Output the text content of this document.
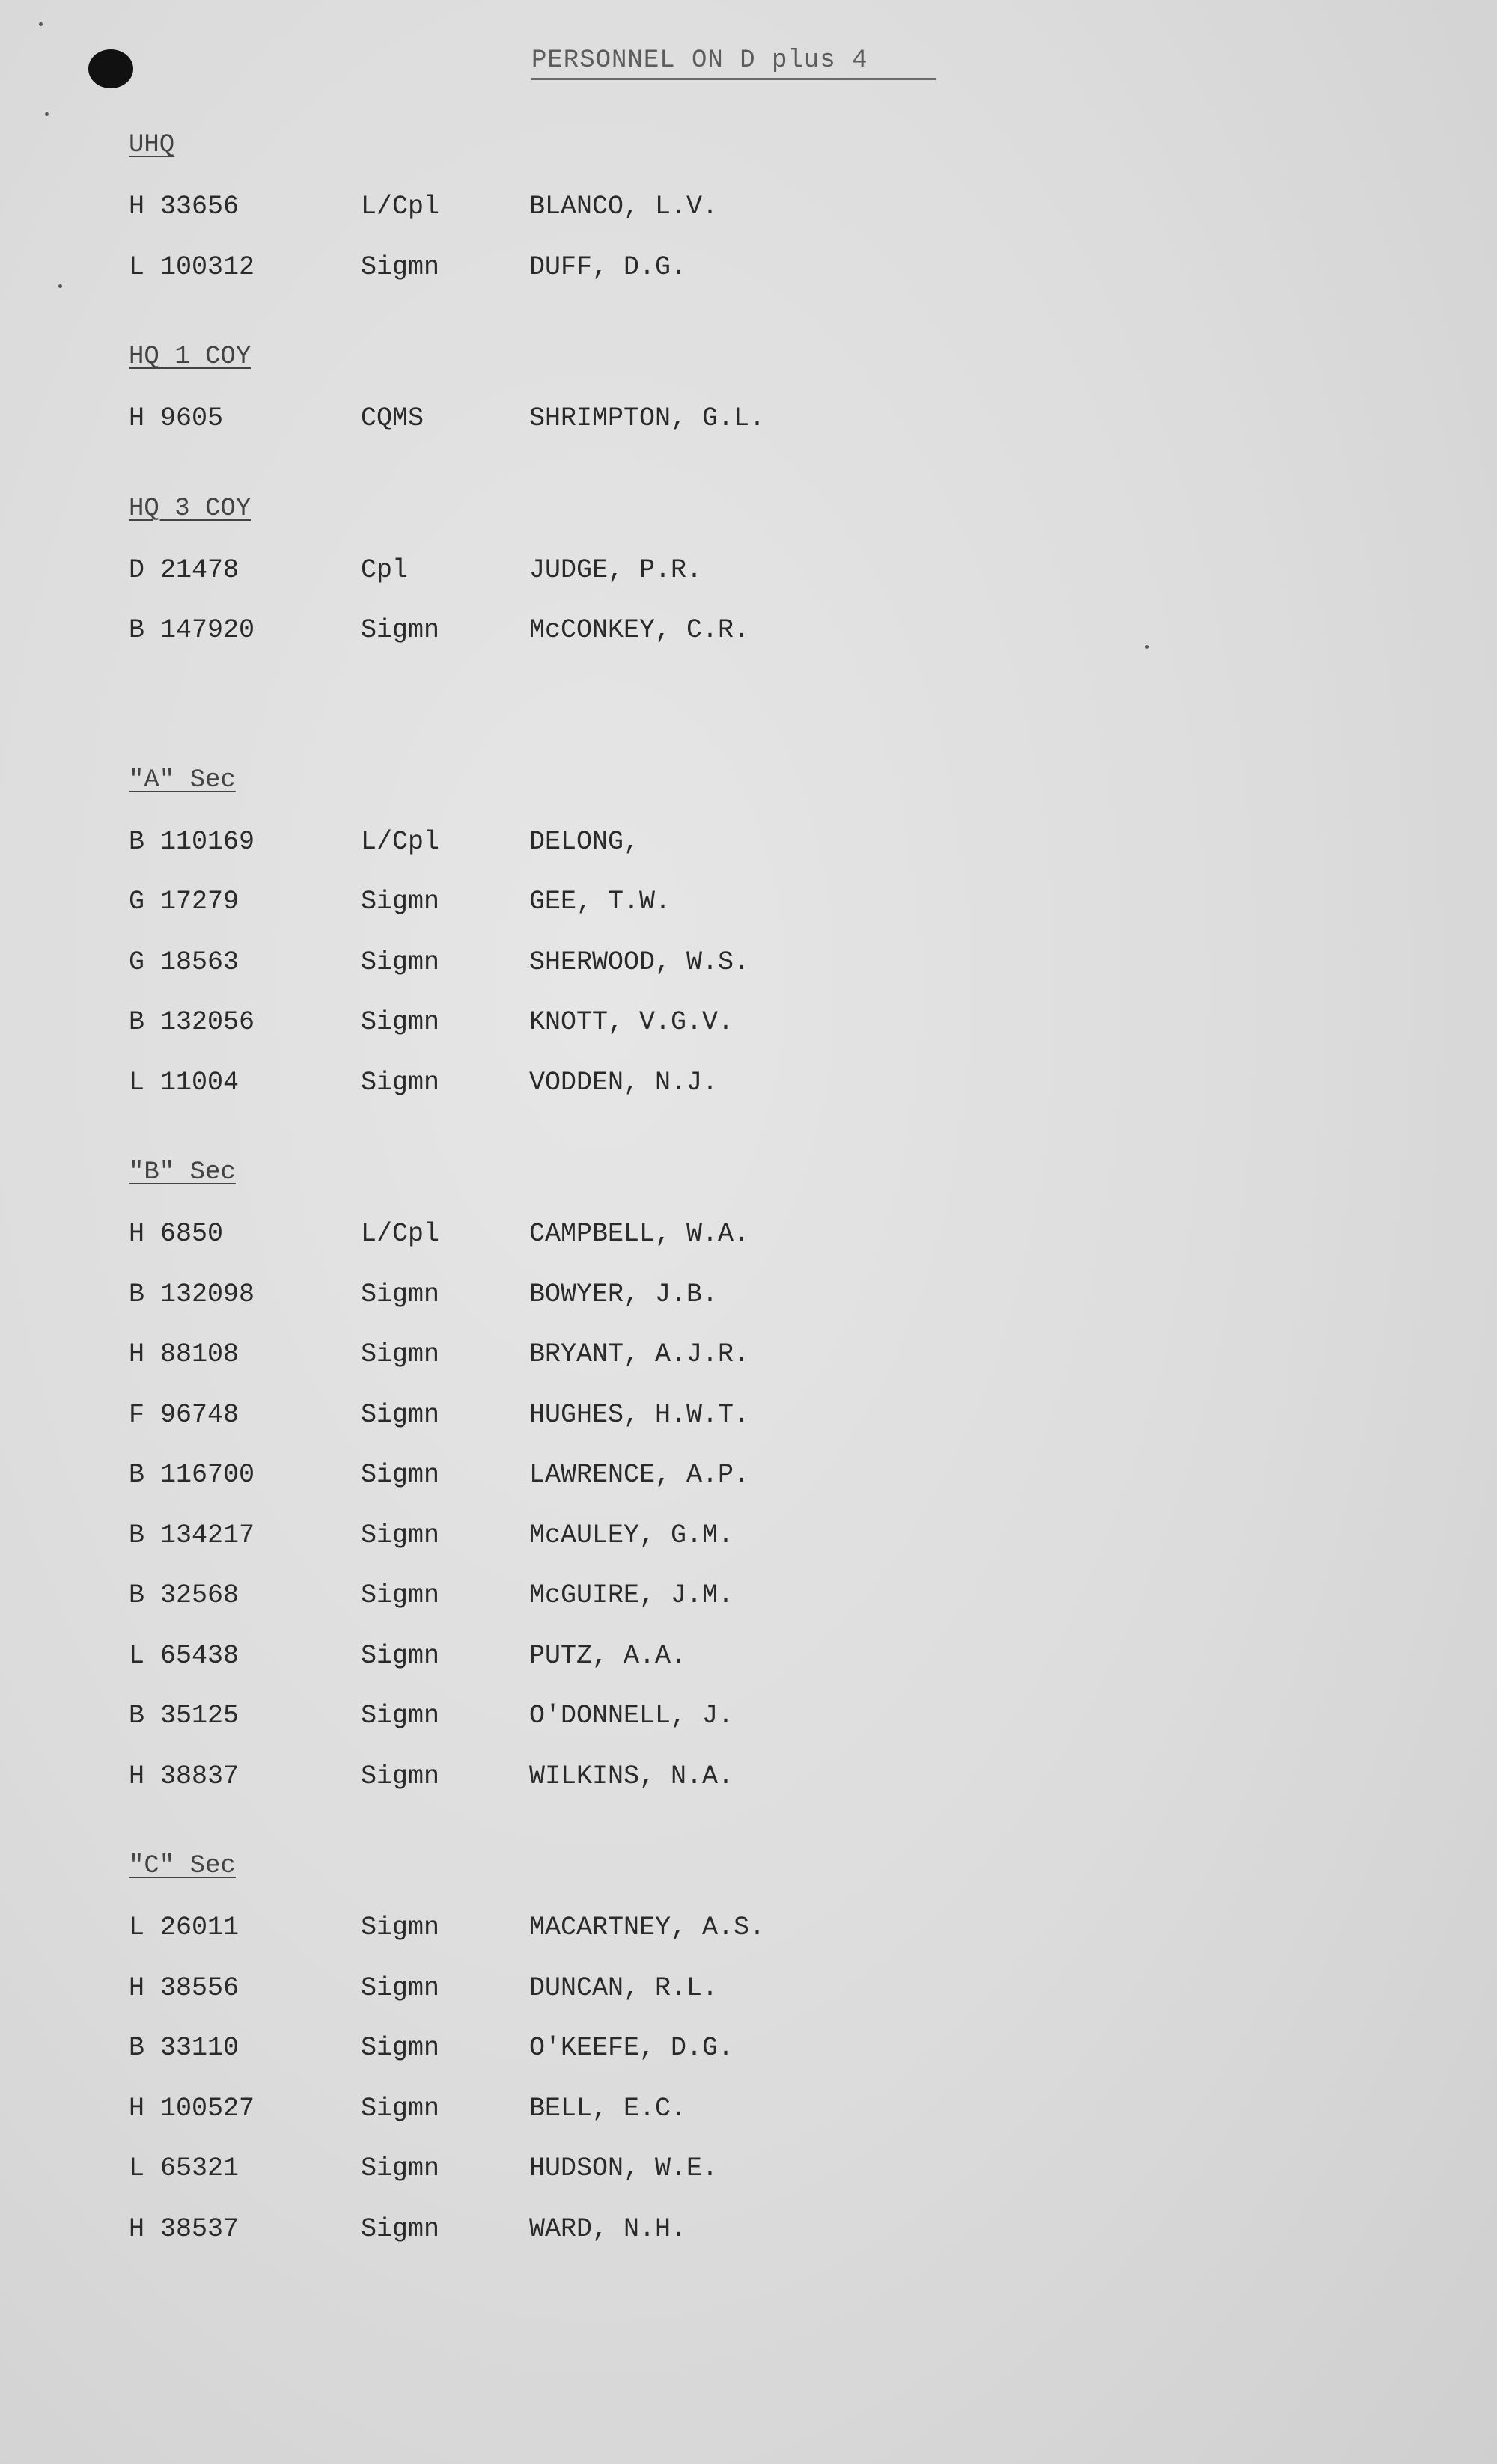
PERSONNEL ON D plus 4
UHQ
H 33656	L/Cpl	BLANCO, L.V.
L 100312	Sigmn	DUFF, D.G.
HQ 1 COY
H 9605	CQMS	SHRIMPTON, G.L.
HQ 3 COY
D 21478	Cpl	JUDGE, P.R.
B 147920	Sigmn	McCONKEY, C.R.
"A" Sec
B 110169	L/Cpl	DELONG,
G 17279	Sigmn	GEE, T.W.
G 18563	Sigmn	SHERWOOD, W.S.
B 132056	Sigmn	KNOTT, V.G.V.
L 11004	Sigmn	VODDEN, N.J.
"B" Sec
H 6850	L/Cpl	CAMPBELL, W.A.
B 132098	Sigmn	BOWYER, J.B.
H 88108	Sigmn	BRYANT, A.J.R.
F 96748	Sigmn	HUGHES, H.W.T.
B 116700	Sigmn	LAWRENCE, A.P.
B 134217	Sigmn	McAULEY, G.M.
B 32568	Sigmn	McGUIRE, J.M.
L 65438	Sigmn	PUTZ, A.A.
B 35125	Sigmn	O'DONNELL, J.
H 38837	Sigmn	WILKINS, N.A.
"C" Sec
L 26011	Sigmn	MACARTNEY, A.S.
H 38556	Sigmn	DUNCAN, R.L.
B 33110	Sigmn	O'KEEFE, D.G.
H 100527	Sigmn	BELL, E.C.
L 65321	Sigmn	HUDSON, W.E.
H 38537	Sigmn	WARD, N.H.
